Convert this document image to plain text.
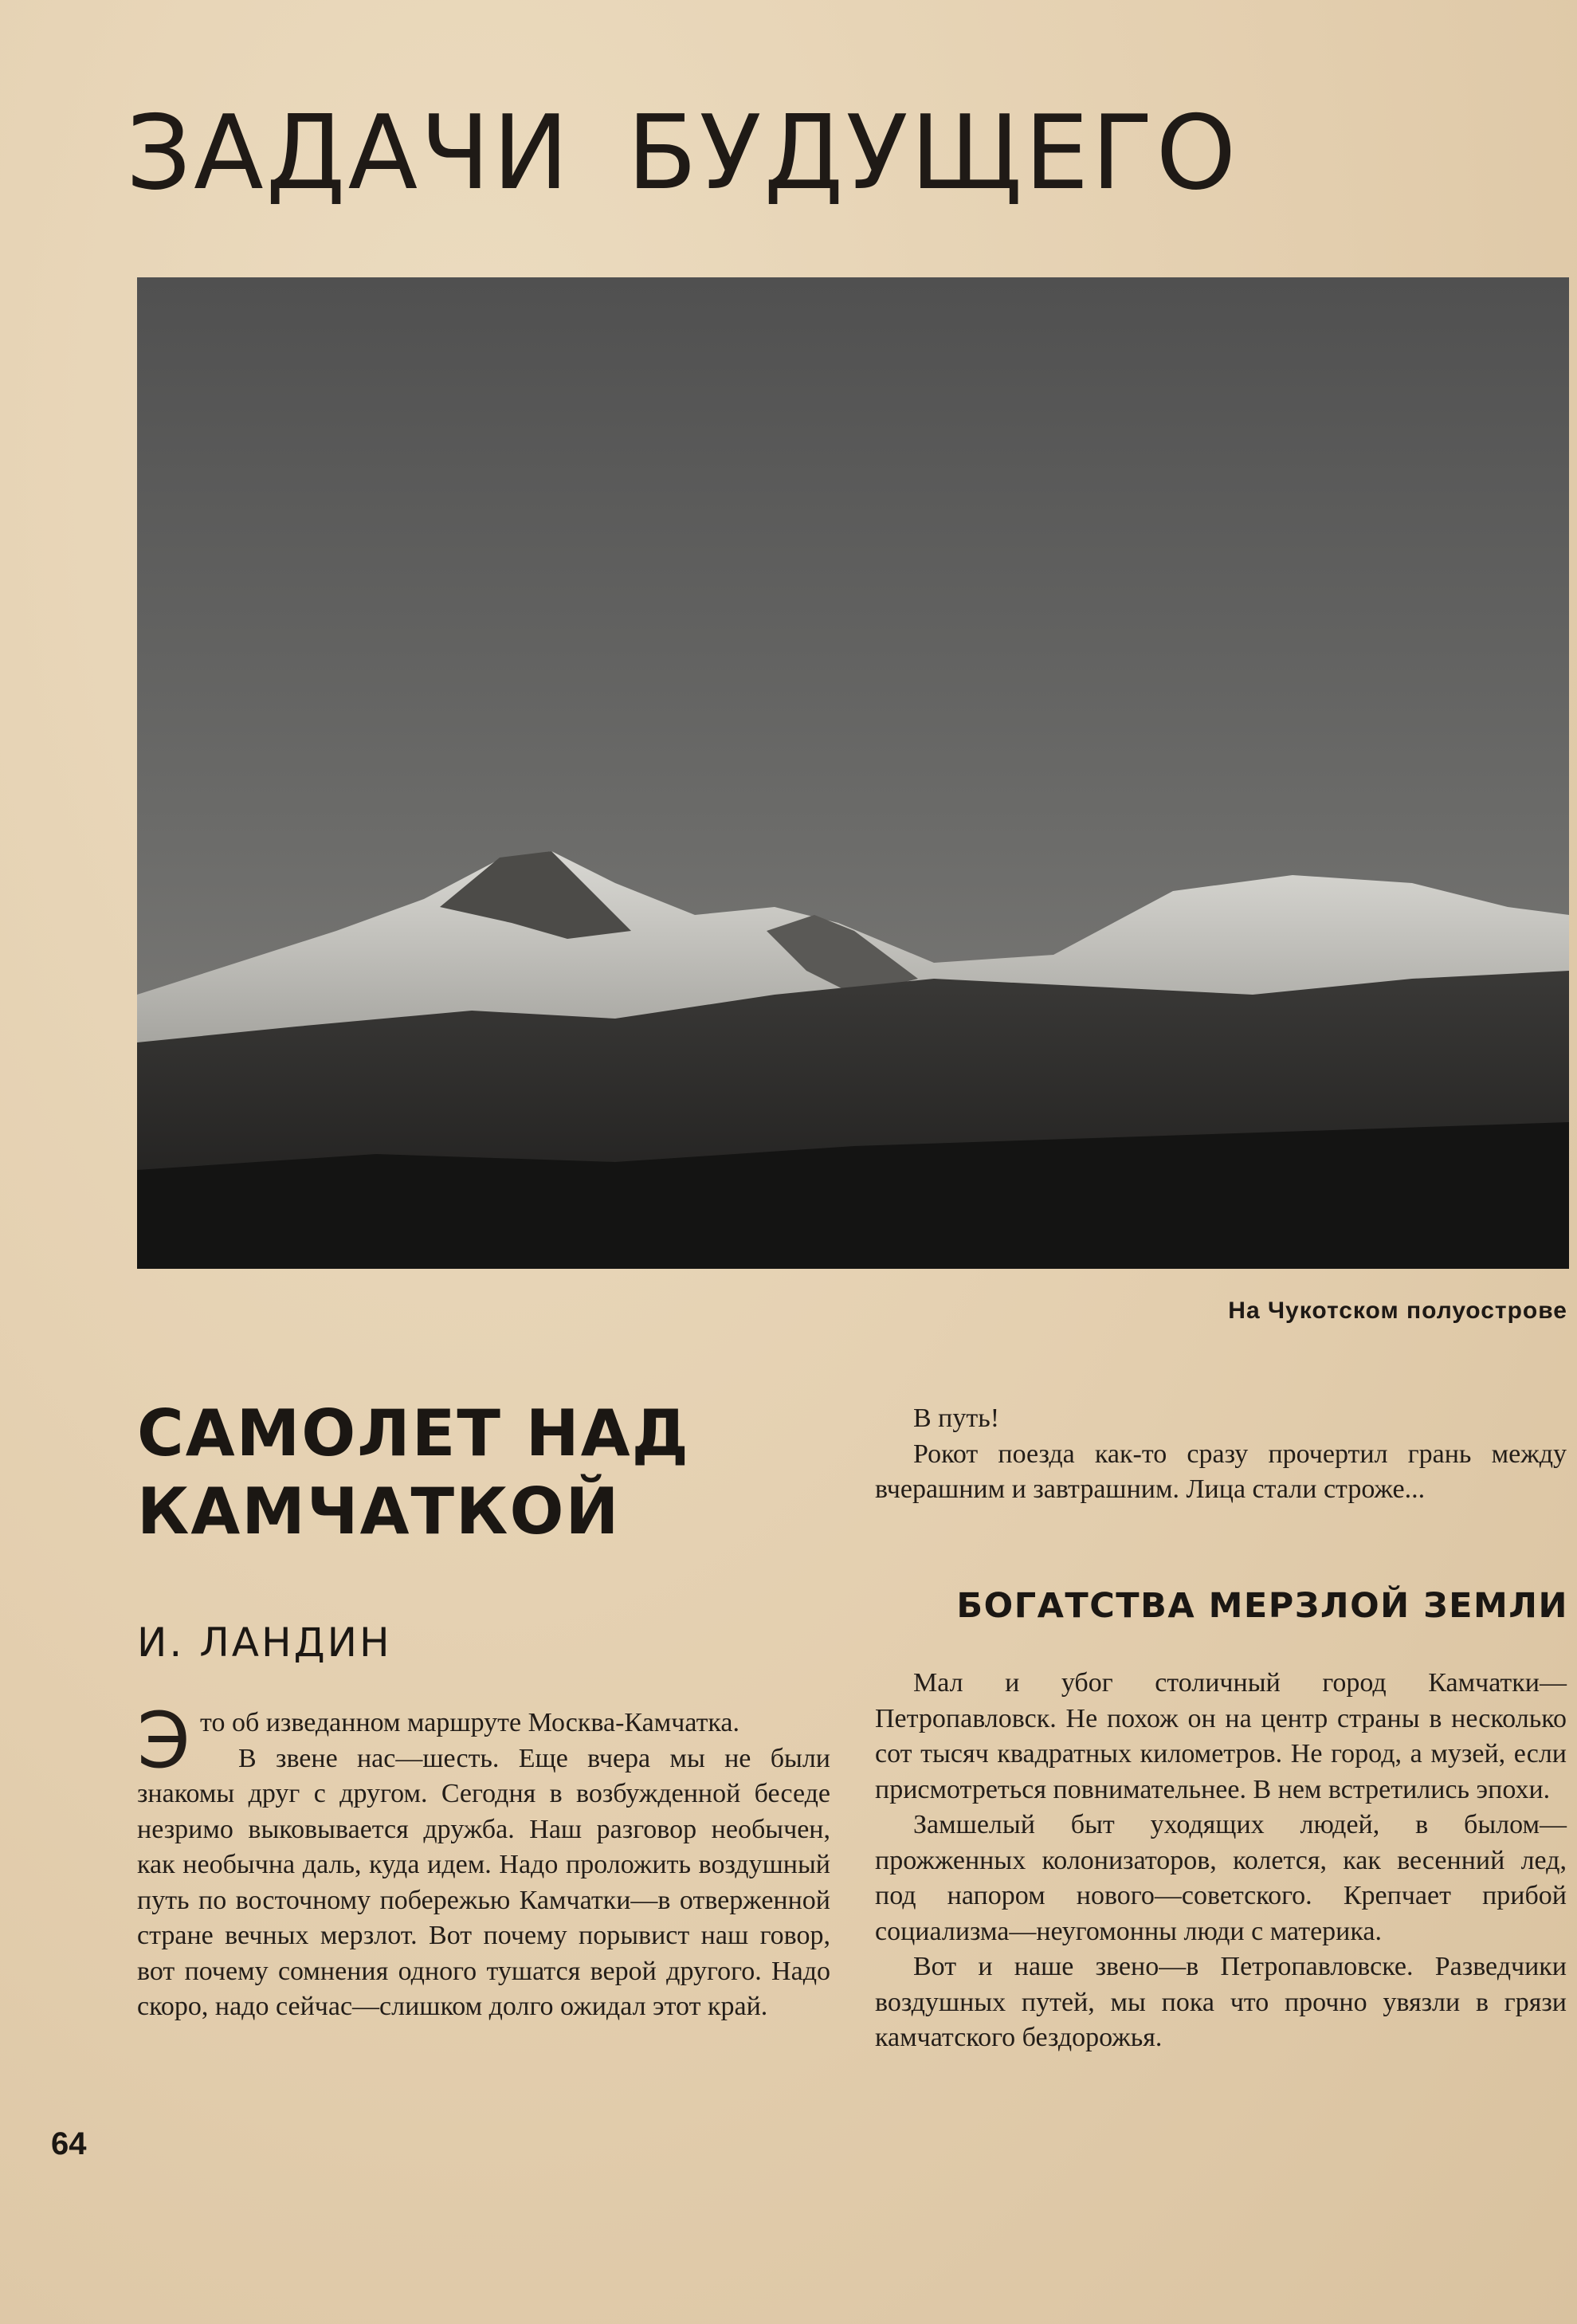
ЗАДАЧИ БУДУЩЕГО
На Чукотском полуострове
САМОЛЕТ НАД
КАМЧАТКОЙ
И. ЛАНДИН

Это об изведанном маршруте Москва-Камчатка.

В звене нас—шесть. Еще вчера мы не были знакомы друг с другом. Сегодня в возбужденной беседе незримо выковывается дружба. Наш разговор необычен, как необычна даль, куда идем. Надо проложить воздушный путь по восточному побережью Камчатки—в отверженной стране вечных мерзлот. Вот почему порывист наш говор, вот почему сомнения одного тушатся верой другого. Надо скоро, надо сейчас—слишком долго ожидал этот край.

В путь!

Рокот поезда как-то сразу прочертил грань между вчерашним и завтрашним. Лица стали строже...

БОГАТСТВА МЕРЗЛОЙ ЗЕМЛИ

Мал и убог столичный город Камчатки—Петропавловск. Не похож он на центр страны в несколько сот тысяч квадратных километров. Не город, а музей, если присмотреться повнимательнее. В нем встретились эпохи.

Замшелый быт уходящих людей, в былом—прожженных колонизаторов, колется, как весенний лед, под напором нового—советского. Крепчает прибой социализма—неугомонны люди с материка.

Вот и наше звено—в Петропавловске. Разведчики воздушных путей, мы пока что прочно увязли в грязи камчатского бездорожья.

64
